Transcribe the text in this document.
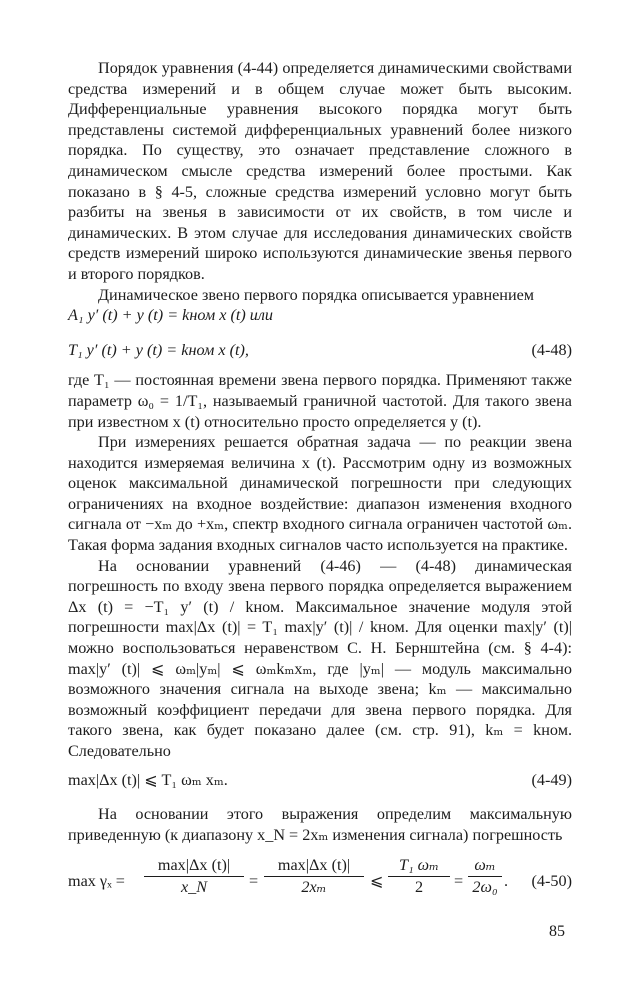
Порядок уравнения (4-44) определяется динамическими свойствами средства измерений и в общем случае может быть высоким. Дифференциальные уравнения высокого порядка могут быть представлены системой дифференциальных уравнений более низкого порядка. По существу, это означает представление сложного в динамическом смысле средства измерений более простыми. Как показано в § 4-5, сложные средства измерений условно могут быть разбиты на звенья в зависимости от их свойств, в том числе и динамических. В этом случае для исследования динамических свойств средств измерений широко используются динамические звенья первого и второго порядков.

Динамическое звено первого порядка описывается уравнением

A₁ y′ (t) + y (t) = kном x (t) или

T₁ y′ (t) + y (t) = kном x (t),	(4-48)

где T₁ — постоянная времени звена первого порядка. Применяют также параметр ω₀ = 1/T₁, называемый граничной частотой. Для такого звена при известном x (t) относительно просто определяется y (t).

При измерениях решается обратная задача — по реакции звена находится измеряемая величина x (t). Рассмотрим одну из возможных оценок максимальной динамической погрешности при следующих ограничениях на входное воздействие: диапазон изменения входного сигнала от −xₘ до +xₘ, спектр входного сигнала ограничен частотой ωₘ. Такая форма задания входных сигналов часто используется на практике.

На основании уравнений (4-46) — (4-48) динамическая погрешность по входу звена первого порядка определяется выражением Δx (t) = −T₁ y′ (t) / kном. Максимальное значение модуля этой погрешности max|Δx (t)| = T₁ max|y′ (t)| / kном. Для оценки max|y′ (t)| можно воспользоваться неравенством С. Н. Бернштейна (см. § 4-4): max|y′ (t)| ⩽ ωₘ|yₘ| ⩽ ωₘkₘxₘ, где |yₘ| — модуль максимально возможного значения сигнала на выходе звена; kₘ — максимально возможный коэффициент передачи для звена первого порядка. Для такого звена, как будет показано далее (см. стр. 91), kₘ = kном. Следовательно

max|Δx (t)| ⩽ T₁ ωₘ xₘ.	(4-49)

На основании этого выражения определим максимальную приведенную (к диапазону x_N = 2xₘ изменения сигнала) погрешность

max γₓ =
max|Δx (t)|
x_N	=
max|Δx (t)|
2xₘ	⩽ $\frac{\text{T₁ ωₘ}}{2} = \frac{\text{ωₘ}}{\text{2ω₀}}$ . (4-50)
85
